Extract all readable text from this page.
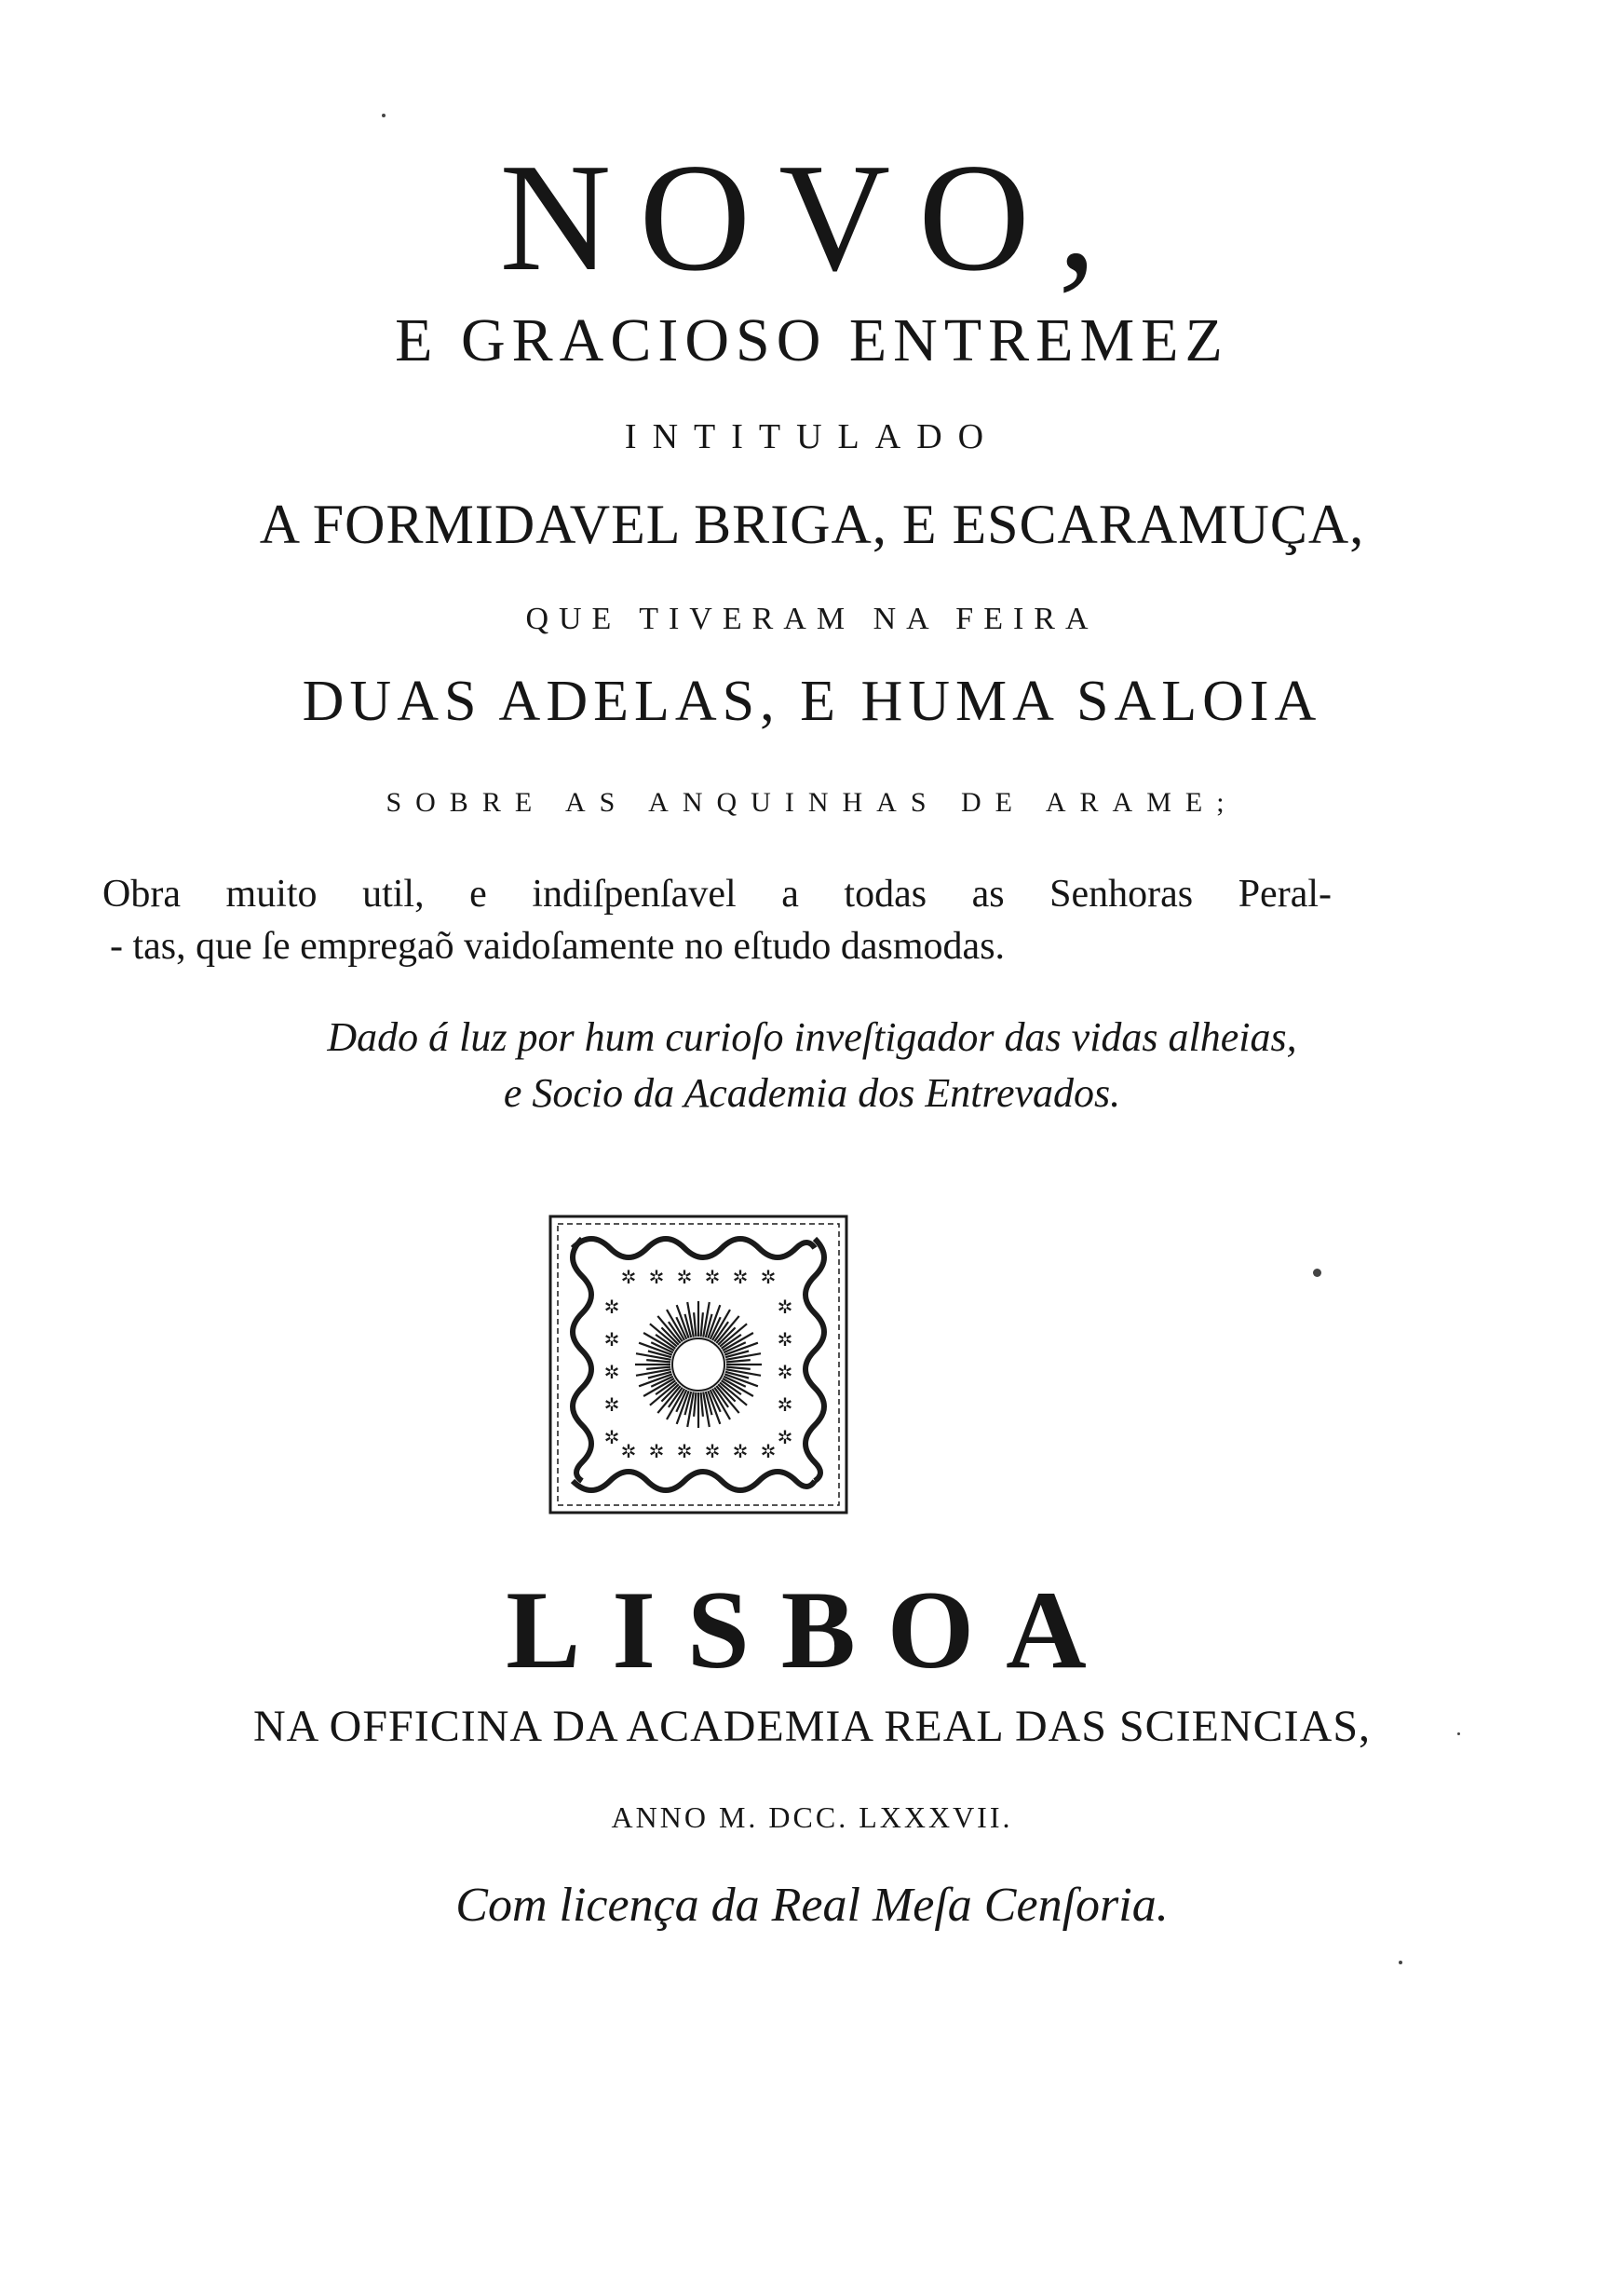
NOVO,
E GRACIOSO ENTREMEZ
INTITULADO
A FORMIDAVEL BRIGA, E ESCARAMUÇA,
QUE TIVERAM NA FEIRA
DUAS ADELAS, E HUMA SALOIA
SOBRE AS ANQUINHAS DE ARAME;
Obra muito util, e indiſpenſavel a todas as Senhoras Peral-
- tas, que ſe empregaõ vaidoſamente no eſtudo dasmodas.
Dado á luz por hum curioſo inveſtigador das vidas alheias,
e Socio da Academia dos Entrevados.
✲ ✲ ✲ ✲ ✲ ✲
✲ ✲ ✲ ✲ ✲ ✲
✲
✲
✲
✲
✲
✲
✲
✲
✲
✲
LISBOA
NA OFFICINA DA ACADEMIA REAL DAS SCIENCIAS,
ANNO M. DCC. LXXXVII.
Com licença da Real Meſa Cenſoria.
